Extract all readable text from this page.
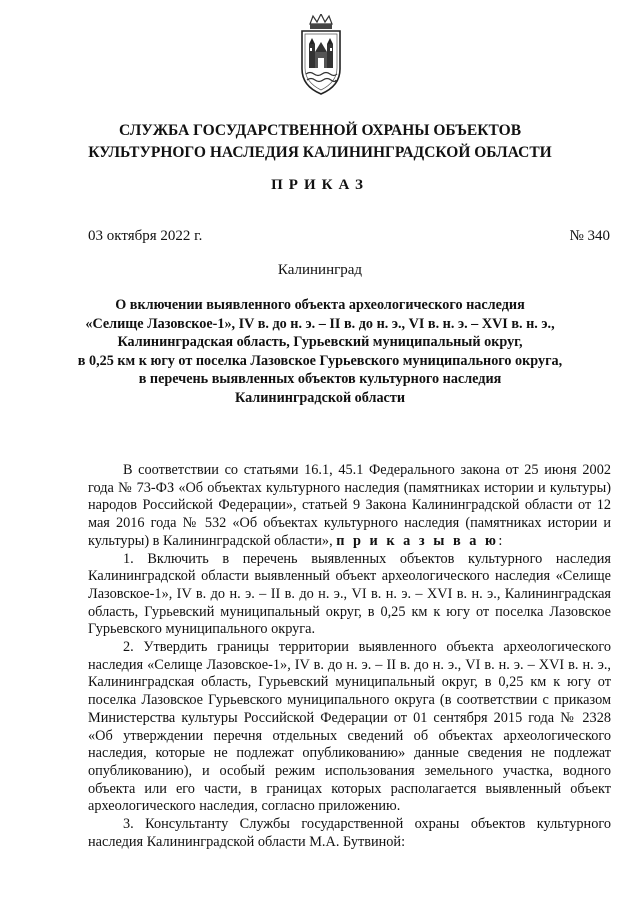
СЛУЖБА ГОСУДАРСТВЕННОЙ ОХРАНЫ ОБЪЕКТОВ
КУЛЬТУРНОГО НАСЛЕДИЯ КАЛИНИНГРАДСКОЙ ОБЛАСТИ
ПРИКАЗ
03 октября 2022 г.	№ 340
Калининград
О включении выявленного объекта археологического наследия
«Селище Лазовское-1», IV в. до н. э. – II в. до н. э., VI в. н. э. – XVI в. н. э.,
Калининградская область, Гурьевский муниципальный округ,
в 0,25 км к югу от поселка Лазовское Гурьевского муниципального округа,
в перечень выявленных объектов культурного наследия
Калининградской области

В соответствии со статьями 16.1, 45.1 Федерального закона от 25 июня 2002 года № 73-ФЗ «Об объектах культурного наследия (памятниках истории и культуры) народов Российской Федерации», статьей 9 Закона Калининградской области от 12 мая 2016 года № 532 «Об объектах культурного наследия (памятниках истории и культуры) в Калининградской области», п р и к а з ы в а ю:

1. Включить в перечень выявленных объектов культурного наследия Калининградской области выявленный объект археологического наследия «Селище Лазовское-1», IV в. до н. э. – II в. до н. э., VI в. н. э. – XVI в. н. э., Калининградская область, Гурьевский муниципальный округ, в 0,25 км к югу от поселка Лазовское Гурьевского муниципального округа.

2. Утвердить границы территории выявленного объекта археологического наследия «Селище Лазовское-1», IV в. до н. э. – II в. до н. э., VI в. н. э. – XVI в. н. э., Калининградская область, Гурьевский муниципальный округ, в 0,25 км к югу от поселка Лазовское Гурьевского муниципального округа (в соответствии с приказом Министерства культуры Российской Федерации от 01 сентября 2015 года № 2328 «Об утверждении перечня отдельных сведений об объектах археологического наследия, которые не подлежат опубликованию» данные сведения не подлежат опубликованию), и особый режим использования земельного участка, водного объекта или его части, в границах которых располагается выявленный объект археологического наследия, согласно приложению.

3. Консультанту Службы государственной охраны объектов культурного наследия Калининградской области М.А. Бутвиной:
